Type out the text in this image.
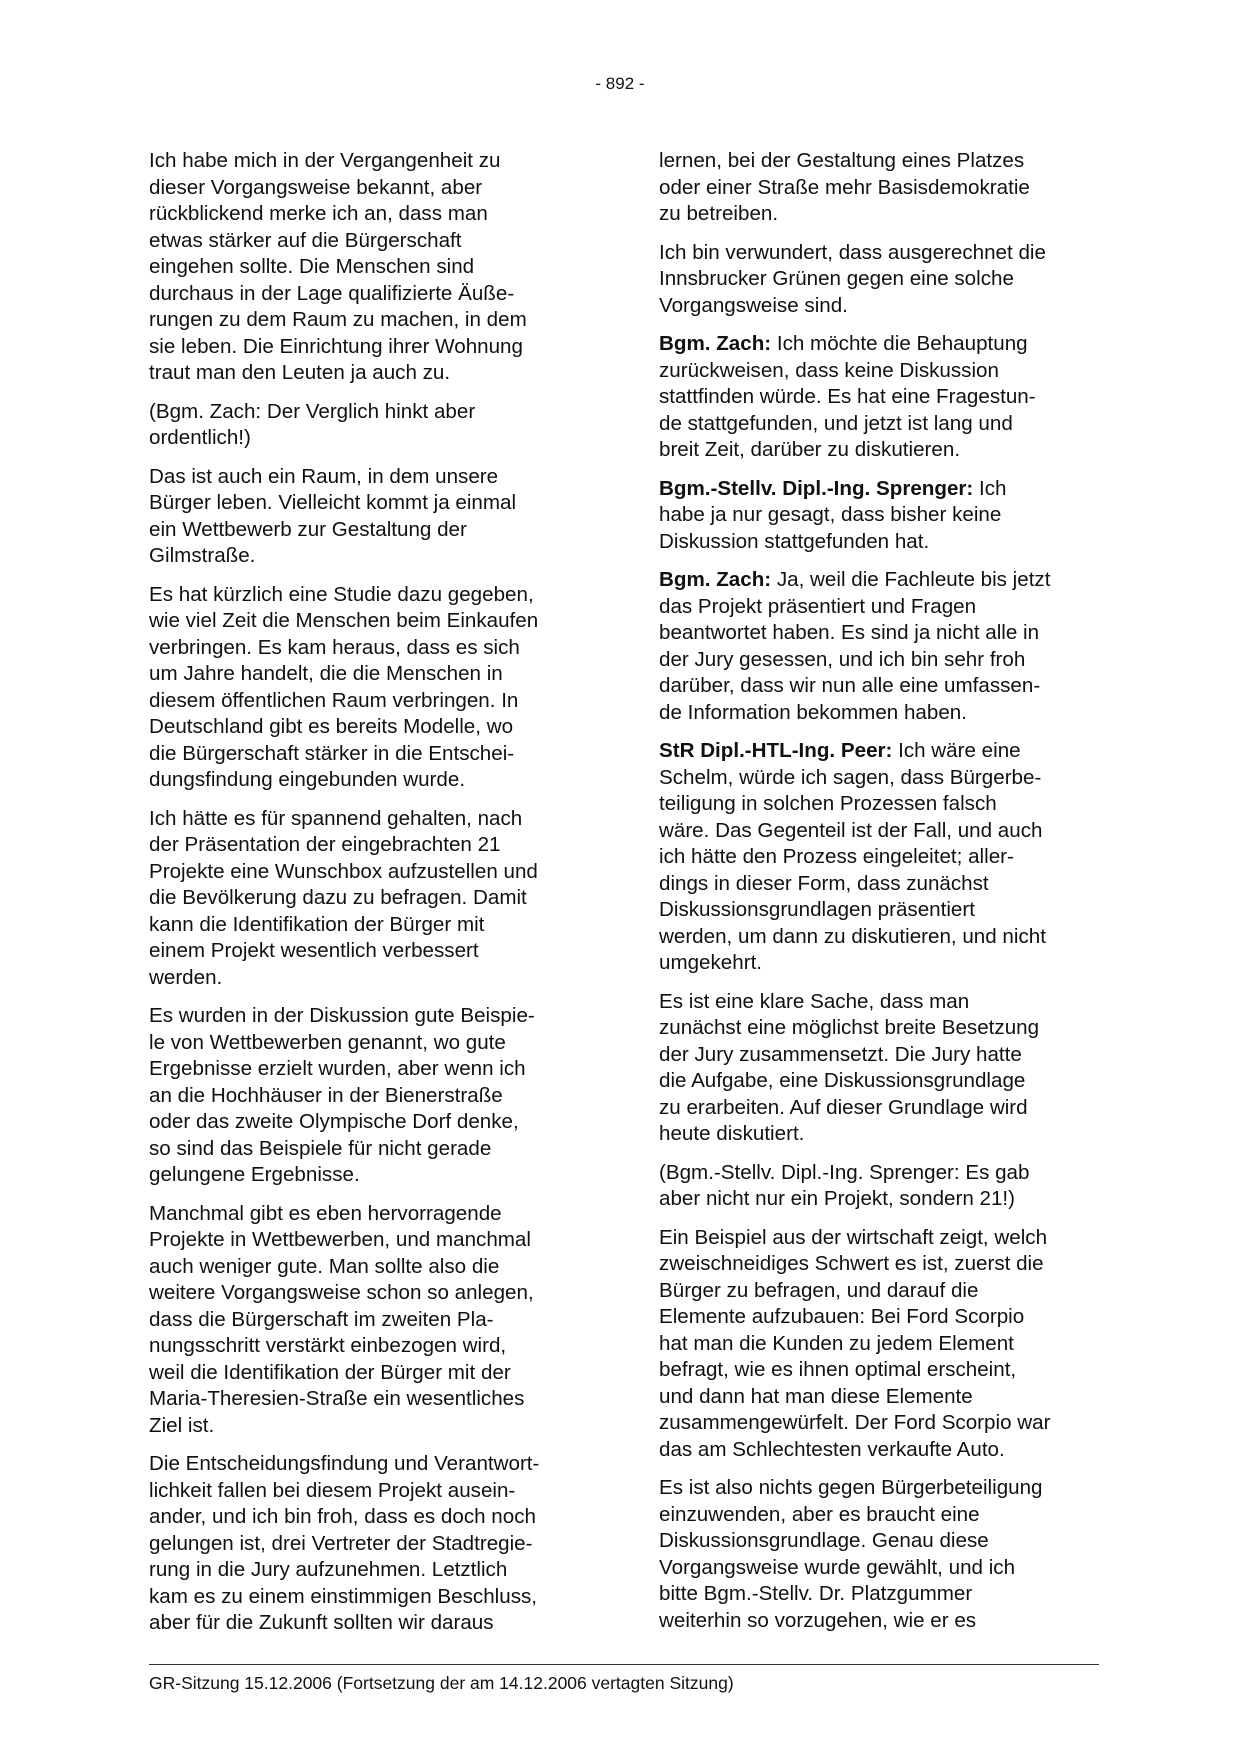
- 892 -

Ich habe mich in der Vergangenheit zu
dieser Vorgangsweise bekannt, aber
rückblickend merke ich an, dass man
etwas stärker auf die Bürgerschaft
eingehen sollte. Die Menschen sind
durchaus in der Lage qualifizierte Äuße-
rungen zu dem Raum zu machen, in dem
sie leben. Die Einrichtung ihrer Wohnung
traut man den Leuten ja auch zu.

(Bgm. Zach: Der Verglich hinkt aber
ordentlich!)

Das ist auch ein Raum, in dem unsere
Bürger leben. Vielleicht kommt ja einmal
ein Wettbewerb zur Gestaltung der
Gilmstraße.

Es hat kürzlich eine Studie dazu gegeben,
wie viel Zeit die Menschen beim Einkaufen
verbringen. Es kam heraus, dass es sich
um Jahre handelt, die die Menschen in
diesem öffentlichen Raum verbringen. In
Deutschland gibt es bereits Modelle, wo
die Bürgerschaft stärker in die Entschei-
dungsfindung eingebunden wurde.

Ich hätte es für spannend gehalten, nach
der Präsentation der eingebrachten 21
Projekte eine Wunschbox aufzustellen und
die Bevölkerung dazu zu befragen. Damit
kann die Identifikation der Bürger mit
einem Projekt wesentlich verbessert
werden.

Es wurden in der Diskussion gute Beispie-
le von Wettbewerben genannt, wo gute
Ergebnisse erzielt wurden, aber wenn ich
an die Hochhäuser in der Bienerstraße
oder das zweite Olympische Dorf denke,
so sind das Beispiele für nicht gerade
gelungene Ergebnisse.

Manchmal gibt es eben hervorragende
Projekte in Wettbewerben, und manchmal
auch weniger gute. Man sollte also die
weitere Vorgangsweise schon so anlegen,
dass die Bürgerschaft im zweiten Pla-
nungsschritt verstärkt einbezogen wird,
weil die Identifikation der Bürger mit der
Maria-Theresien-Straße ein wesentliches
Ziel ist.

Die Entscheidungsfindung und Verantwort-
lichkeit fallen bei diesem Projekt ausein-
ander, und ich bin froh, dass es doch noch
gelungen ist, drei Vertreter der Stadtregie-
rung in die Jury aufzunehmen. Letztlich
kam es zu einem einstimmigen Beschluss,
aber für die Zukunft sollten wir daraus

lernen, bei der Gestaltung eines Platzes
oder einer Straße mehr Basisdemokratie
zu betreiben.

Ich bin verwundert, dass ausgerechnet die
Innsbrucker Grünen gegen eine solche
Vorgangsweise sind.

Bgm. Zach: Ich möchte die Behauptung
zurückweisen, dass keine Diskussion
stattfinden würde. Es hat eine Fragestun-
de stattgefunden, und jetzt ist lang und
breit Zeit, darüber zu diskutieren.

Bgm.-Stellv. Dipl.-Ing. Sprenger: Ich
habe ja nur gesagt, dass bisher keine
Diskussion stattgefunden hat.

Bgm. Zach: Ja, weil die Fachleute bis jetzt
das Projekt präsentiert und Fragen
beantwortet haben. Es sind ja nicht alle in
der Jury gesessen, und ich bin sehr froh
darüber, dass wir nun alle eine umfassen-
de Information bekommen haben.

StR Dipl.-HTL-Ing. Peer: Ich wäre eine
Schelm, würde ich sagen, dass Bürgerbe-
teiligung in solchen Prozessen falsch
wäre. Das Gegenteil ist der Fall, und auch
ich hätte den Prozess eingeleitet; aller-
dings in dieser Form, dass zunächst
Diskussionsgrundlagen präsentiert
werden, um dann zu diskutieren, und nicht
umgekehrt.

Es ist eine klare Sache, dass man
zunächst eine möglichst breite Besetzung
der Jury zusammensetzt. Die Jury hatte
die Aufgabe, eine Diskussionsgrundlage
zu erarbeiten. Auf dieser Grundlage wird
heute diskutiert.

(Bgm.-Stellv. Dipl.-Ing. Sprenger: Es gab
aber nicht nur ein Projekt, sondern 21!)

Ein Beispiel aus der wirtschaft zeigt, welch
zweischneidiges Schwert es ist, zuerst die
Bürger zu befragen, und darauf die
Elemente aufzubauen: Bei Ford Scorpio
hat man die Kunden zu jedem Element
befragt, wie es ihnen optimal erscheint,
und dann hat man diese Elemente
zusammengewürfelt. Der Ford Scorpio war
das am Schlechtesten verkaufte Auto.

Es ist also nichts gegen Bürgerbeteiligung
einzuwenden, aber es braucht eine
Diskussionsgrundlage. Genau diese
Vorgangsweise wurde gewählt, und ich
bitte Bgm.-Stellv. Dr. Platzgummer
weiterhin so vorzugehen, wie er es

GR-Sitzung 15.12.2006 (Fortsetzung der am 14.12.2006 vertagten Sitzung)
